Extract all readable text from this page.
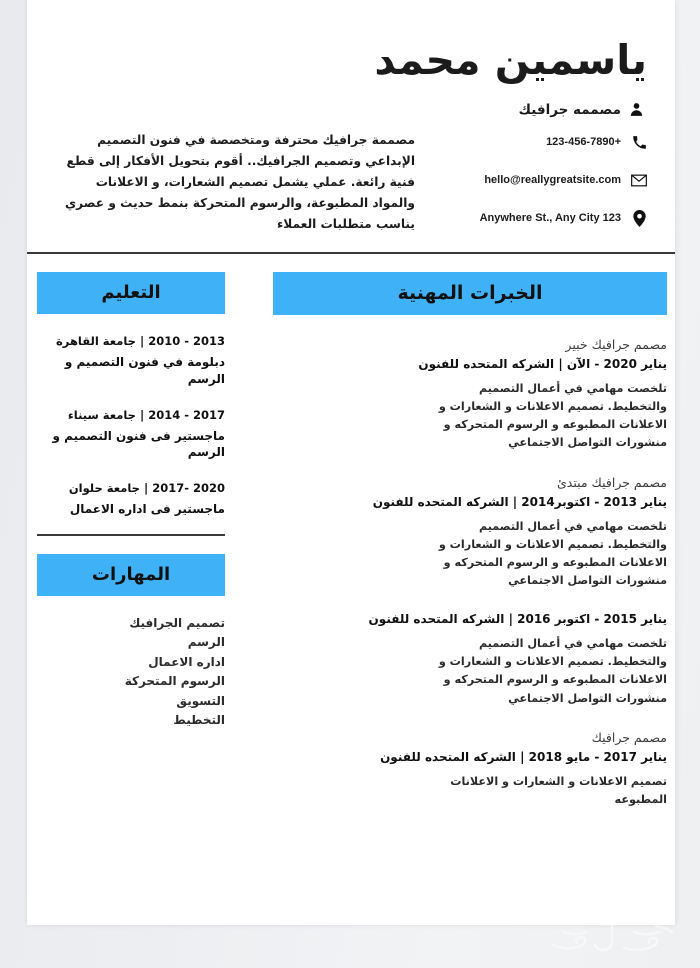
ياسمين محمد
مصممه جرافيك
123-456-7890+
hello@reallygreatsite.com
Anywhere St., Any City 123
مصممة جرافيك محترفة ومتخصصة في فنون التصميم الإبداعي وتصميم الجرافيك.. أقوم بتحويل الأفكار إلى قطع فنية رائعة. عملي يشمل تصميم الشعارات، و الاعلانات والمواد المطبوعة، والرسوم المتحركة بنمط حديث و عصري يناسب متطلبات العملاء
الخبرات المهنية
مصمم جرافيك خبير
يناير 2020 - الآن | الشركه المتحده للفنون
تلخصت مهامي في أعمال التصميم والتخطيط. تصميم الاعلانات و الشعارات و الاعلانات المطبوعه و الرسوم المتحركه و منشورات التواصل الاجتماعي
مصمم جرافيك مبتدئ
يناير 2013 - اكتوبر2014 | الشركه المتحده للفنون
تلخصت مهامي في أعمال التصميم والتخطيط. تصميم الاعلانات و الشعارات و الاعلانات المطبوعه و الرسوم المتحركه و منشورات التواصل الاجتماعي
يناير 2015 - اكتوبر 2016 | الشركه المتحده للفنون
تلخصت مهامي في أعمال التصميم والتخطيط. تصميم الاعلانات و الشعارات و الاعلانات المطبوعه و الرسوم المتحركه و منشورات التواصل الاجتماعي
مصمم جرافيك
يناير 2017 - مايو 2018 | الشركه المتحده للفنون
تصميم الاعلانات و الشعارات و الاعلانات المطبوعه
التعليم
2013 - 2010 | جامعة القاهرة
دبلومة في فنون التصميم و الرسم
2017 - 2014 | جامعة سيناء
ماجستير فى فنون التصميم و الرسم
2020 -2017 | جامعة حلوان
ماجستير فى اداره الاعمال
المهارات
تصميم الجرافيك
الرسم
اداره الاعمال
الرسوم المتحركة
التسويق
التخطيط
